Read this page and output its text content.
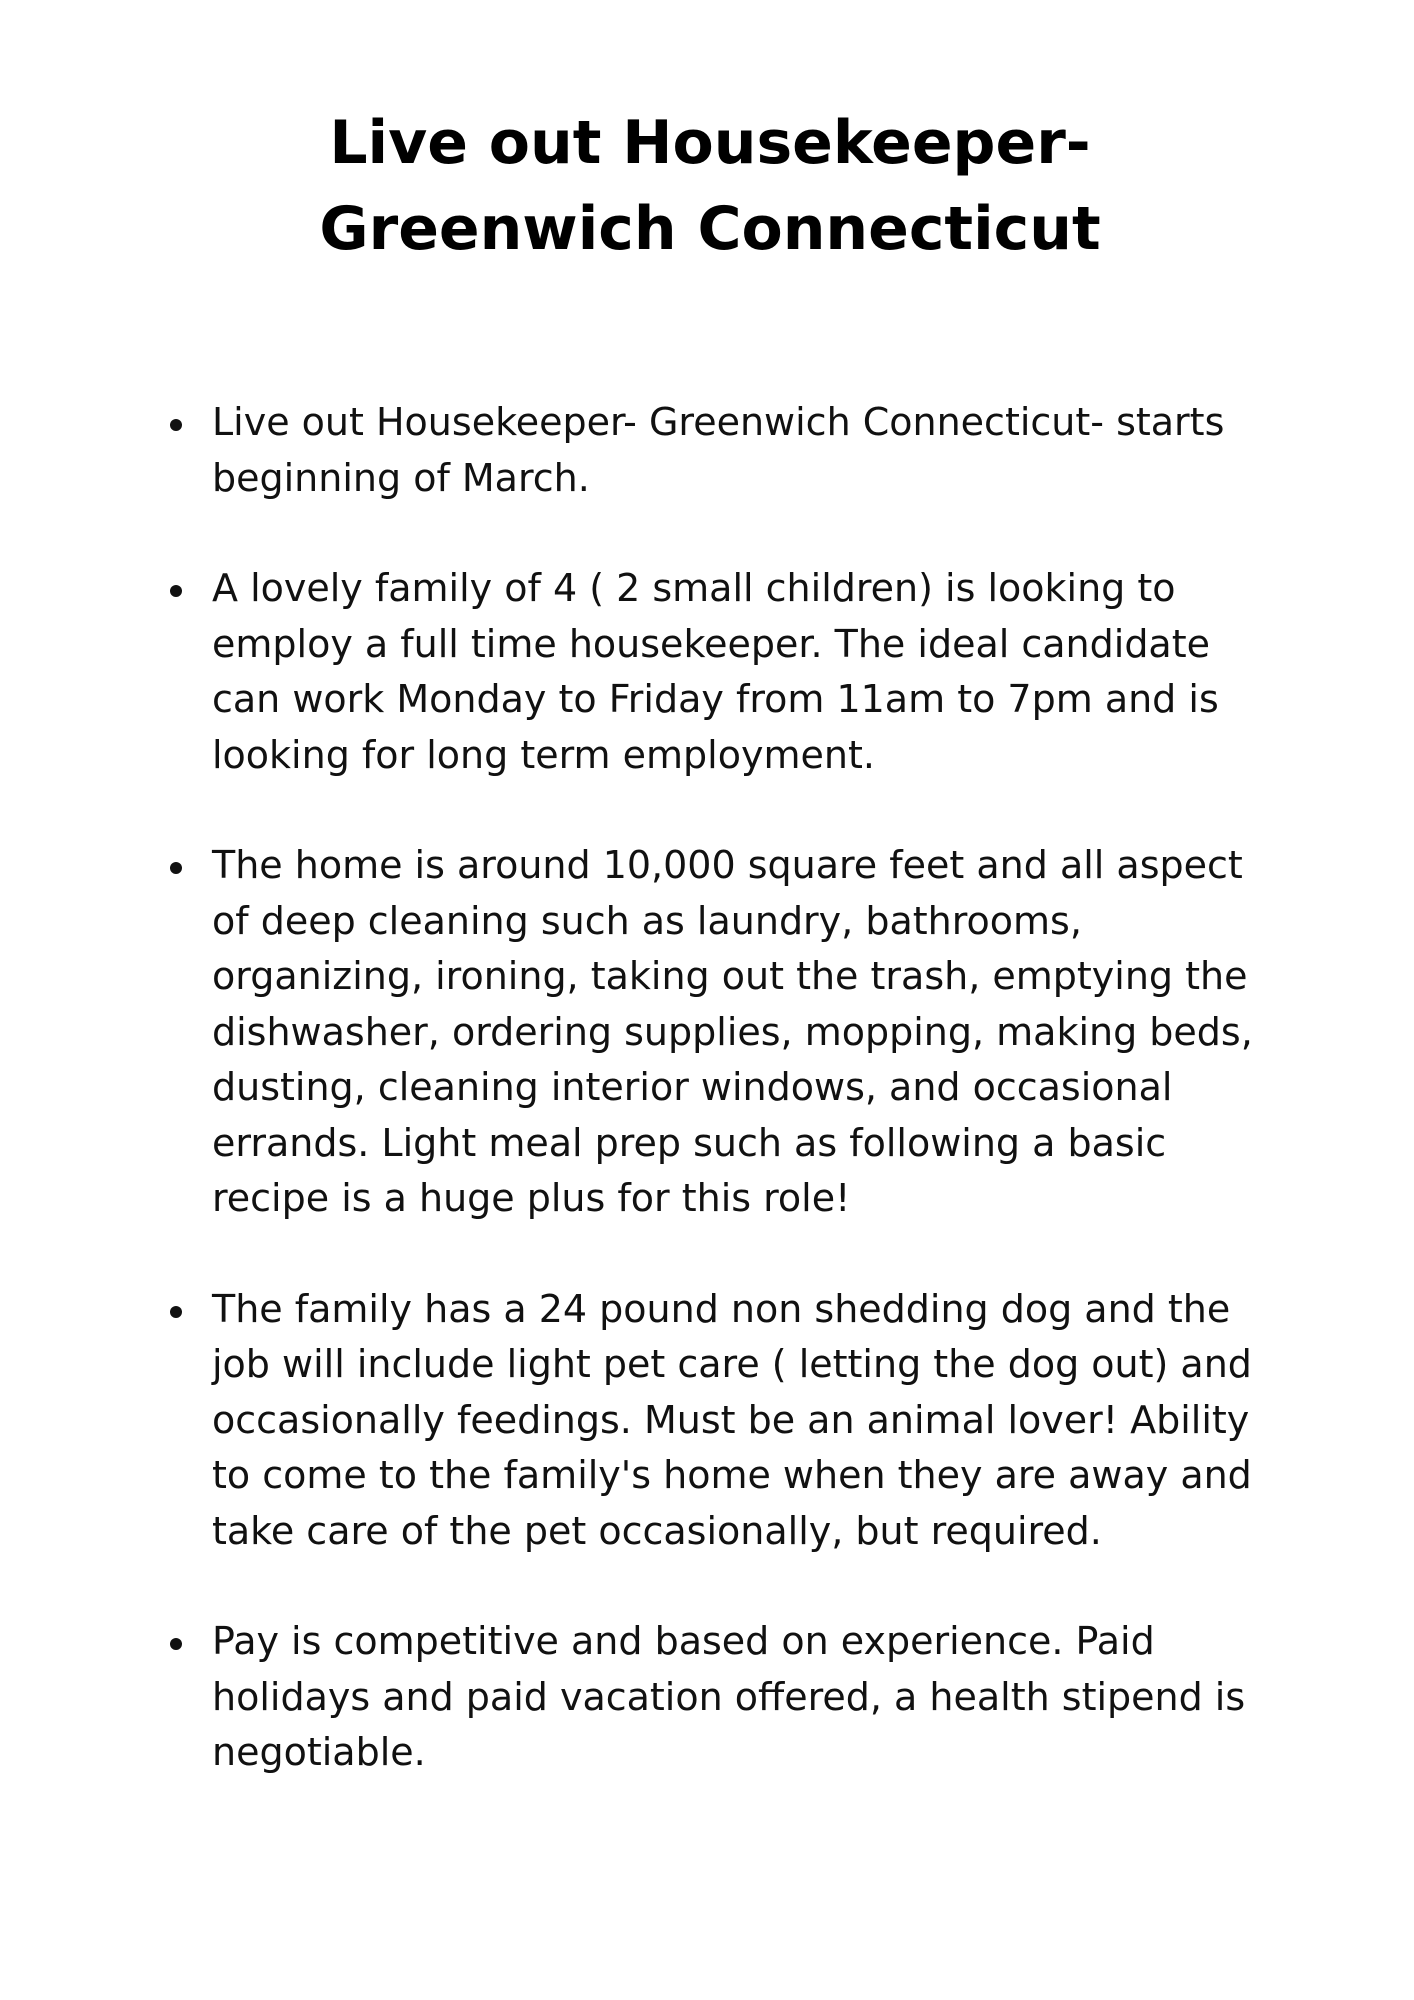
Live out Housekeeper-
Greenwich Connecticut
Live out Housekeeper- Greenwich Connecticut- starts beginning of March.
A lovely family of 4 ( 2 small children) is looking to employ a full time housekeeper. The ideal candidate can work Monday to Friday from 11am to 7pm and is looking for long term employment.
The home is around 10,000 square feet and all aspect of deep cleaning such as laundry, bathrooms, organizing, ironing, taking out the trash, emptying the dishwasher, ordering supplies, mopping, making beds, dusting, cleaning interior windows, and occasional errands. Light meal prep such as following a basic recipe is a huge plus for this role!
The family has a 24 pound non shedding dog and the job will include light pet care ( letting the dog out) and occasionally feedings. Must be an animal lover! Ability to come to the family's home when they are away and take care of the pet occasionally, but required.
Pay is competitive and based on experience. Paid holidays and paid vacation offered, a health stipend is negotiable.
